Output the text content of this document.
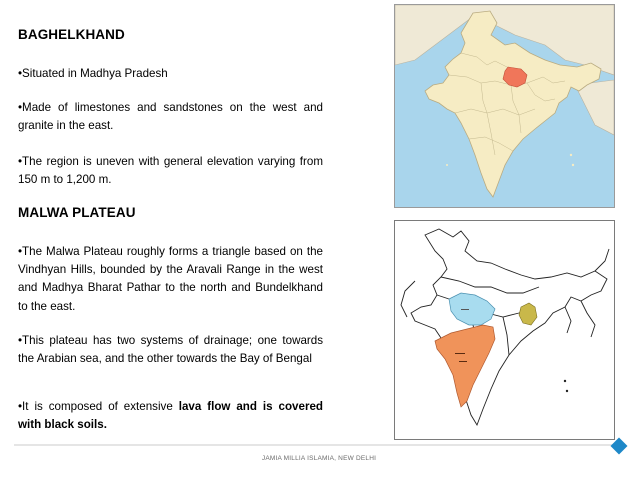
BAGHELKHAND

•Situated in Madhya Pradesh

•Made of limestones and sandstones on the west and granite in the east.

•The region is uneven with general elevation varying from 150 m to 1,200 m.

MALWA PLATEAU

•The Malwa Plateau roughly forms a triangle based on the Vindhyan Hills, bounded by the Aravali Range in the west and Madhya Bharat Pathar to the north and Bundelkhand to the east.

•This plateau has two systems of drainage; one towards the Arabian sea, and the other towards the Bay of Bengal

•It is composed of extensive lava flow and is covered with black soils.

JAMIA MILLIA ISLAMIA, NEW DELHI
